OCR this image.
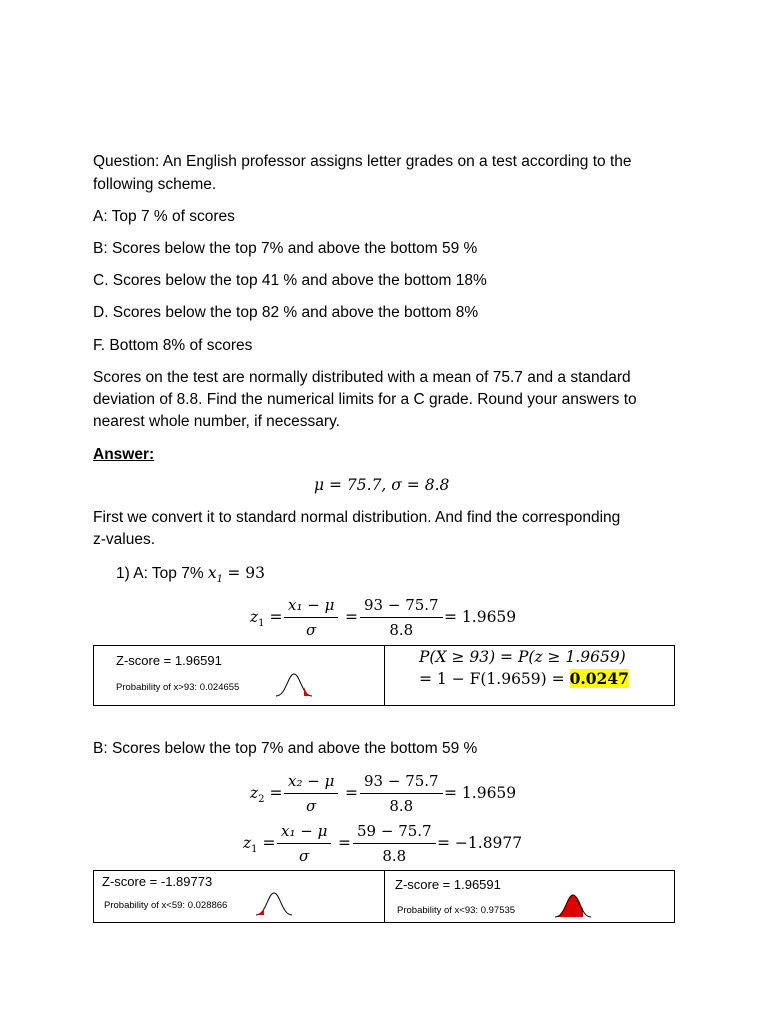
Question: An English professor assigns letter grades on a test according to the

following scheme.

A: Top 7 % of scores

B: Scores below the top 7% and above the bottom 59 %

C. Scores below the top 41 % and above the bottom 18%

D. Scores below the top 82 % and above the bottom 8%

F. Bottom 8% of scores

Scores on the test are normally distributed with a mean of 75.7 and a standard

deviation of 8.8. Find the numerical limits for a C grade. Round your answers to

nearest whole number, if necessary.

Answer:

μ = 75.7, σ = 8.8

First we convert it to standard normal distribution. And find the corresponding

z-values.

1) A: Top 7% $x_1 = 93$
$z_1$ =
x₁ − μ
σ
=
93 − 75.7
8.8
= 1.9659
Z-score = 1.96591
Probability of x>93: 0.024655
P(X ≥ 93) = P(z ≥ 1.9659)
= 1 − F(1.9659) = 0.0247

B: Scores below the top 7% and above the bottom 59 %

$z_2$ =
x₂ − μ
σ
=
93 − 75.7
8.8
= 1.9659
$z_1$ =
x₁ − μ
σ
=
59 − 75.7
8.8
= −1.8977
Z-score = -1.89773
Probability of x<59: 0.028866
Z-score = 1.96591
Probability of x<93: 0.97535
